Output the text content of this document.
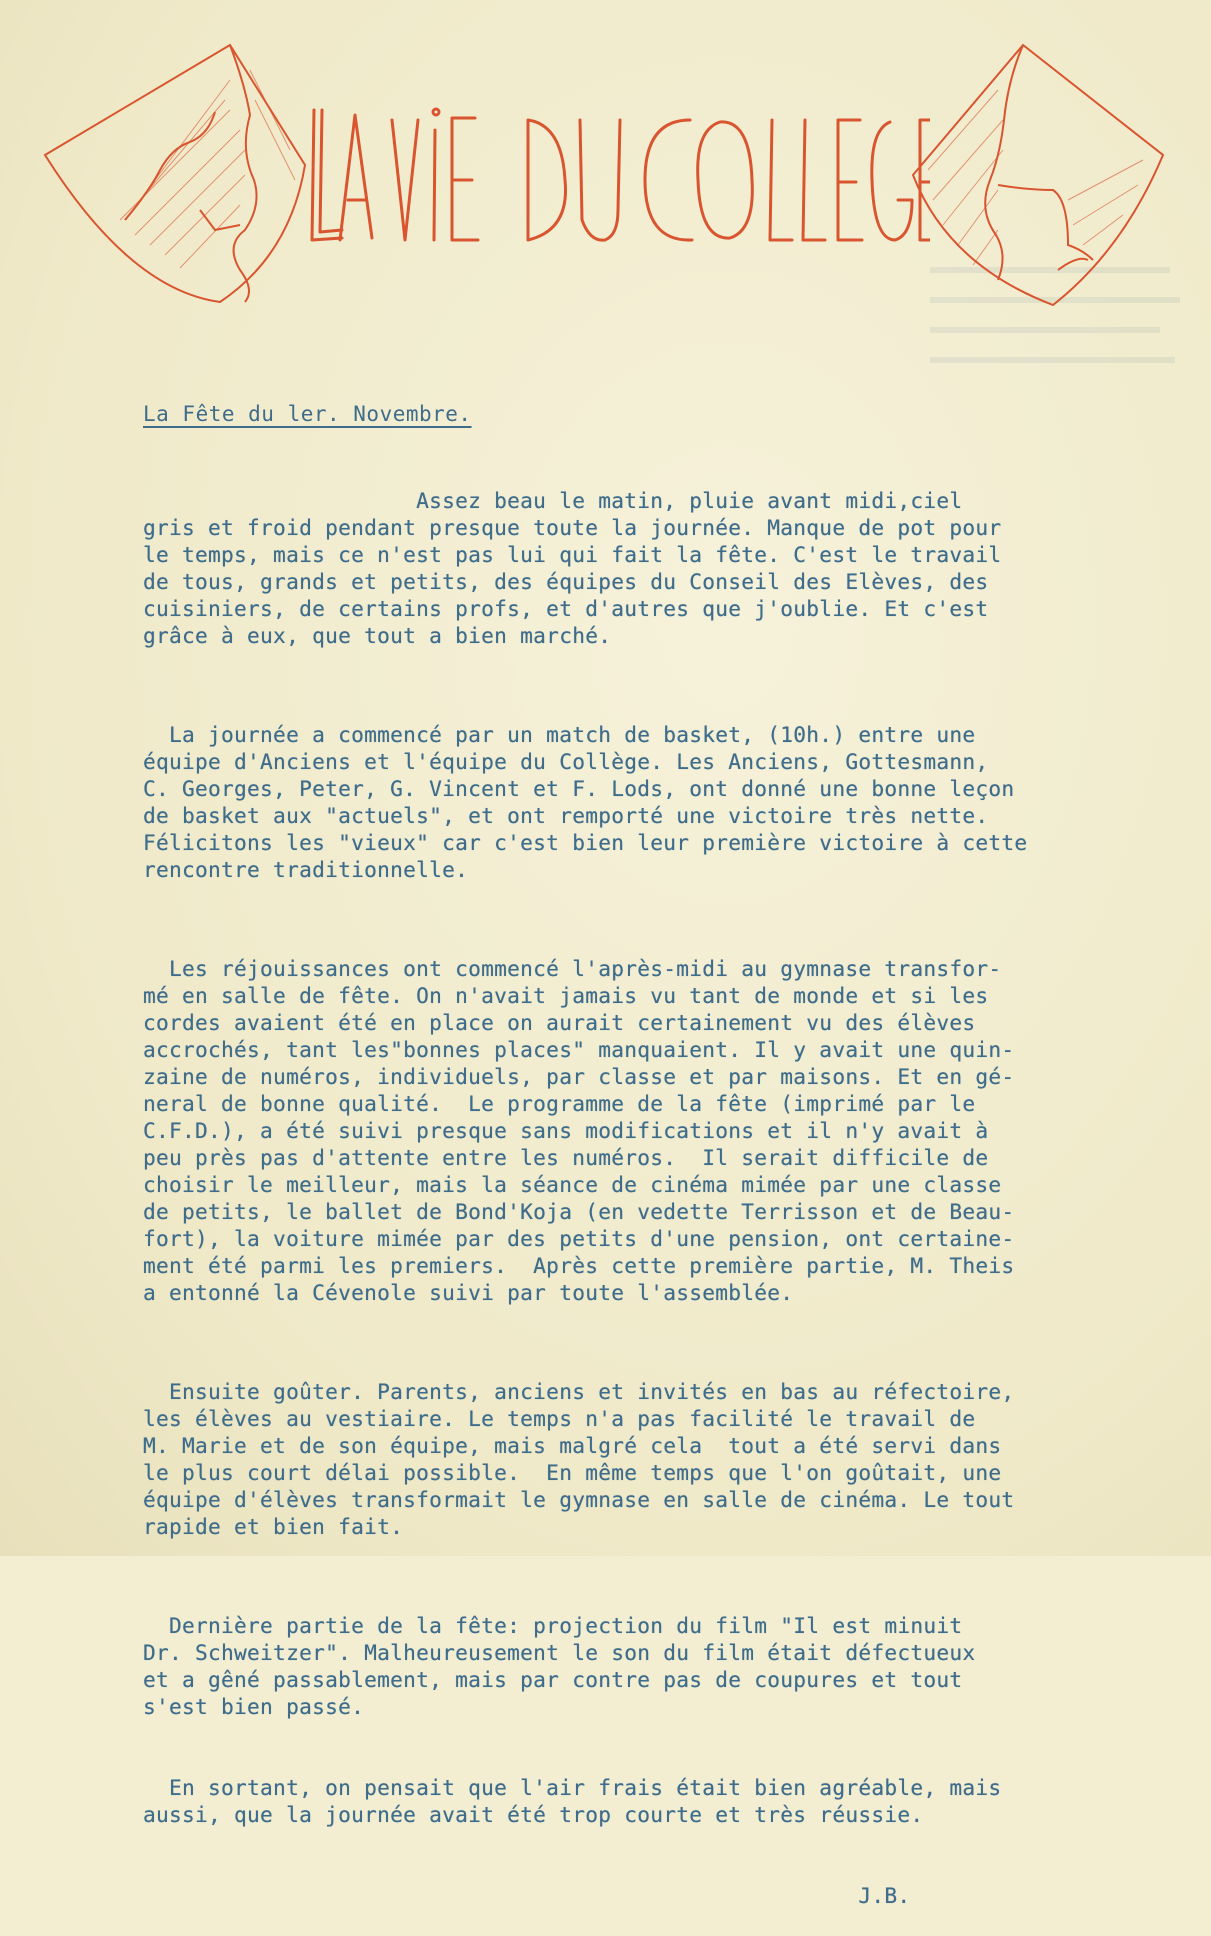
La Fête du ler. Novembre.

Assez beau le matin, pluie avant midi,ciel
gris et froid pendant presque toute la journée. Manque de pot pour
le temps, mais ce n'est pas lui qui fait la fête. C'est le travail
de tous, grands et petits, des équipes du Conseil des Elèves, des
cuisiniers, de certains profs, et d'autres que j'oublie. Et c'est
grâce à eux, que tout a bien marché.

La journée a commencé par un match de basket, (10h.) entre une
équipe d'Anciens et l'équipe du Collège. Les Anciens, Gottesmann,
C. Georges, Peter, G. Vincent et F. Lods, ont donné une bonne leçon
de basket aux "actuels", et ont remporté une victoire très nette.
Félicitons les "vieux" car c'est bien leur première victoire à cette
rencontre traditionnelle.

Les réjouissances ont commencé l'après-midi au gymnase transfor-
mé en salle de fête. On n'avait jamais vu tant de monde et si les
cordes avaient été en place on aurait certainement vu des élèves
accrochés, tant les"bonnes places" manquaient. Il y avait une quin-
zaine de numéros, individuels, par classe et par maisons. Et en gé-
neral de bonne qualité.  Le programme de la fête (imprimé par le
C.F.D.), a été suivi presque sans modifications et il n'y avait à
peu près pas d'attente entre les numéros.  Il serait difficile de
choisir le meilleur, mais la séance de cinéma mimée par une classe
de petits, le ballet de Bond'Koja (en vedette Terrisson et de Beau-
fort), la voiture mimée par des petits d'une pension, ont certaine-
ment été parmi les premiers.  Après cette première partie, M. Theis
a entonné la Cévenole suivi par toute l'assemblée.

Ensuite goûter. Parents, anciens et invités en bas au réfectoire,
les élèves au vestiaire. Le temps n'a pas facilité le travail de
M. Marie et de son équipe, mais malgré cela  tout a été servi dans
le plus court délai possible.  En même temps que l'on goûtait, une
équipe d'élèves transformait le gymnase en salle de cinéma. Le tout
rapide et bien fait.

Dernière partie de la fête: projection du film "Il est minuit
Dr. Schweitzer". Malheureusement le son du film était défectueux
et a gêné passablement, mais par contre pas de coupures et tout
s'est bien passé.

En sortant, on pensait que l'air frais était bien agréable, mais
aussi, que la journée avait été trop courte et très réussie.

J.B.
